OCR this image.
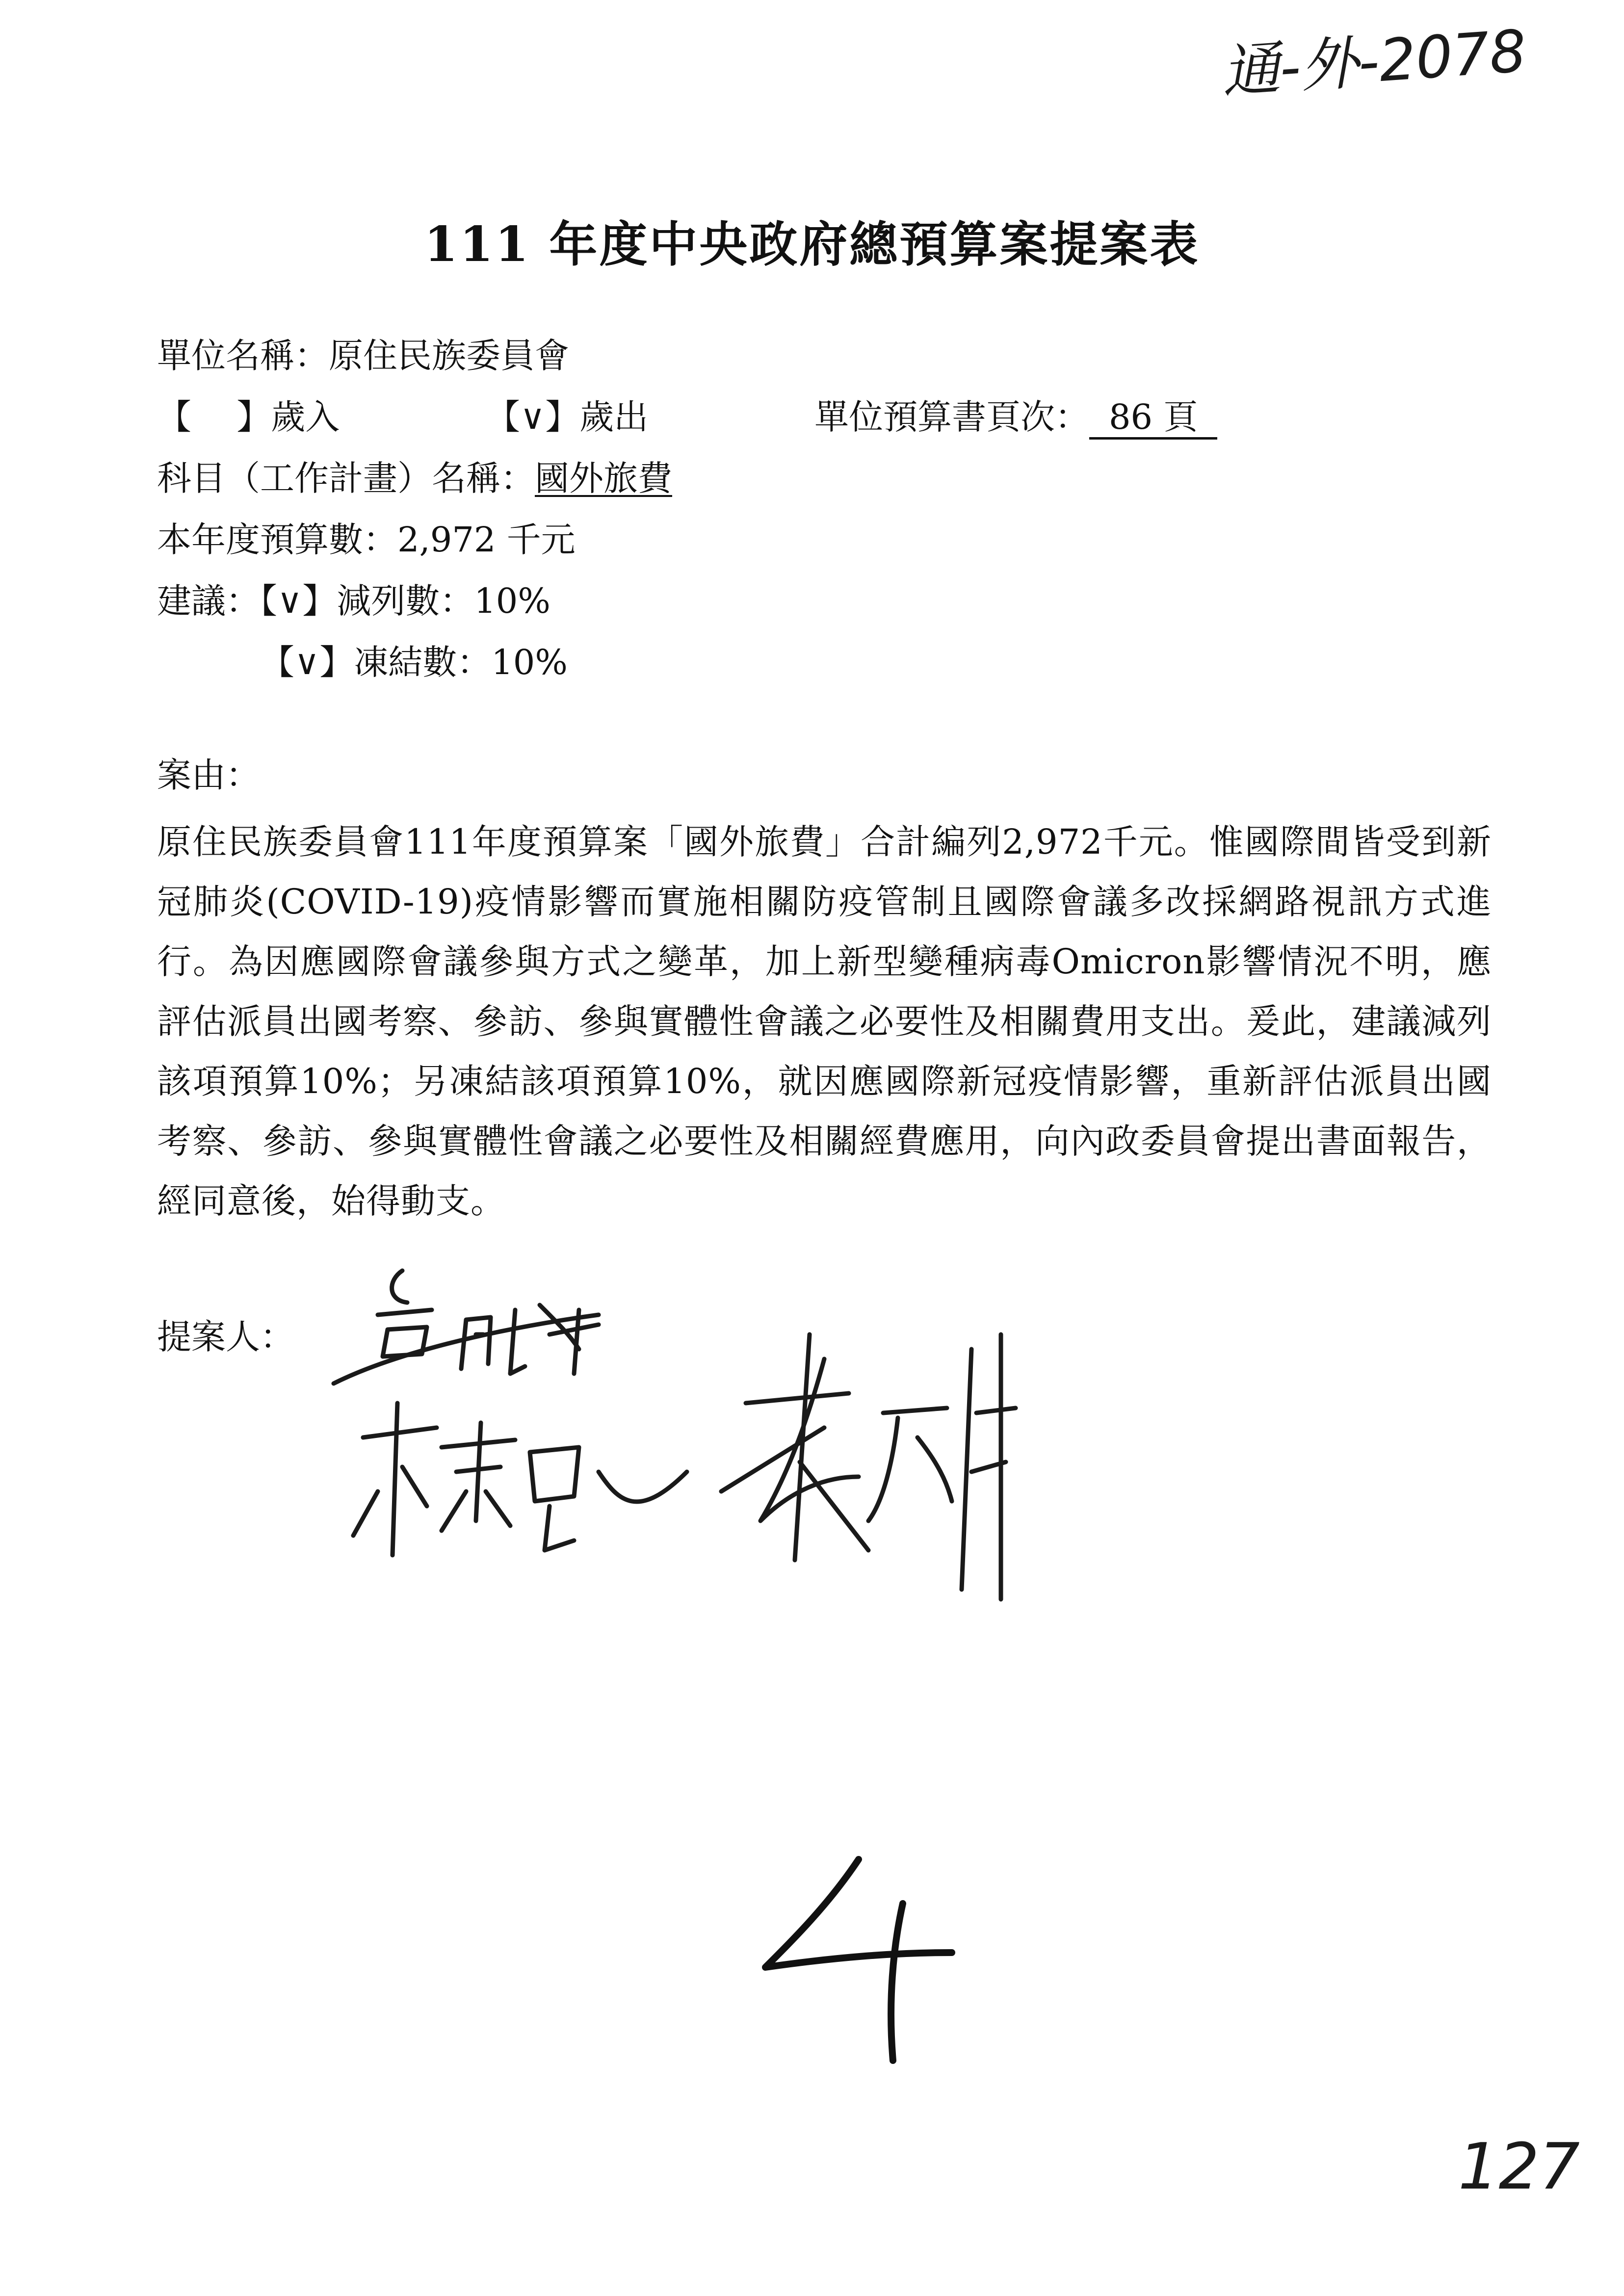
通-外-2078
111 年度中央政府總預算案提案表
單位名稱：原住民族委員會
【　 】歲入	【∨】歲出	單位預算書頁次： 86 頁
科目（工作計畫）名稱：國外旅費
本年度預算數：2,972 千元
建議：【∨】減列數：10%
【∨】凍結數：10%
案由：
原住民族委員會111年度預算案「國外旅費」合計編列2,972千元。惟國際間皆受到新冠肺炎(COVID-19)疫情影響而實施相關防疫管制且國際會議多改採網路視訊方式進行。為因應國際會議參與方式之變革，加上新型變種病毒Omicron影響情況不明，應評估派員出國考察、參訪、參與實體性會議之必要性及相關費用支出。爰此，建議減列該項預算10%；另凍結該項預算10%，就因應國際新冠疫情影響，重新評估派員出國考察、參訪、參與實體性會議之必要性及相關經費應用，向內政委員會提出書面報告，經同意後，始得動支。
提案人：
127
